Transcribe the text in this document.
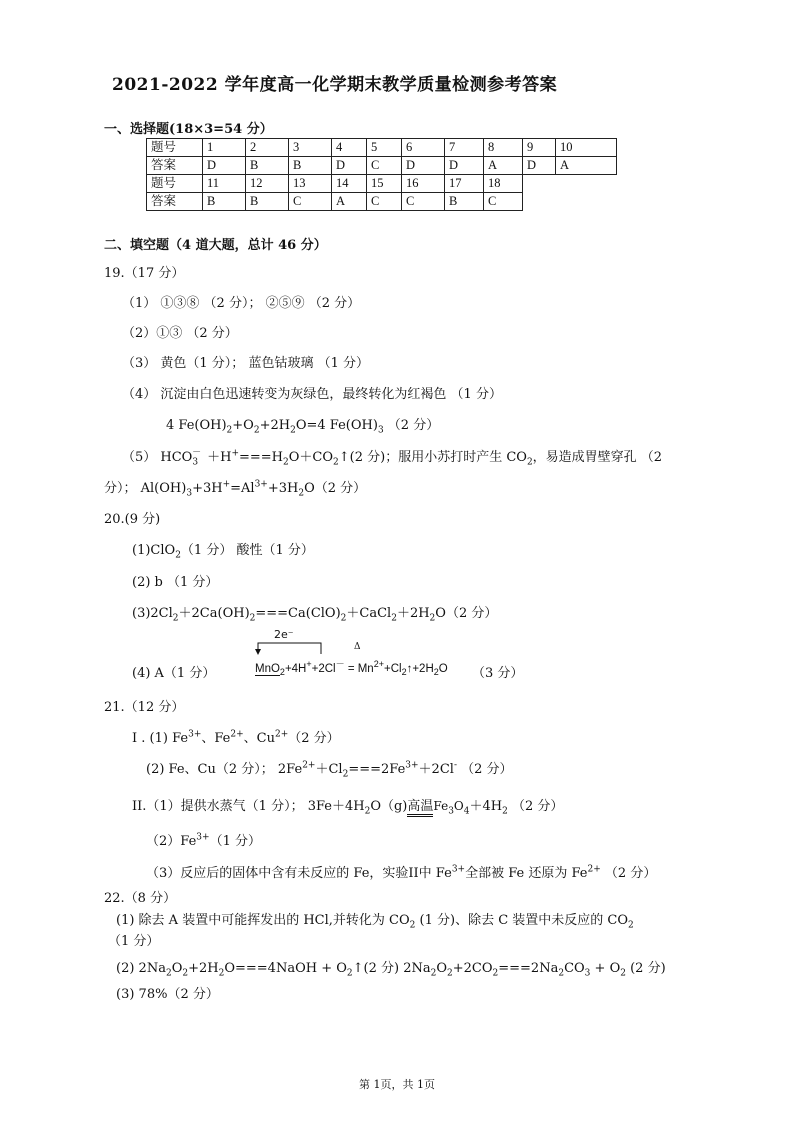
2021-2022 学年度高一化学期末教学质量检测参考答案
一、选择题(18×3=54 分）
题号	1	2	3	4	5	6	7	8	9	10
答案	D	B	B	D	C	D	D	A	D	A
题号	11	12	13	14	15	16	17	18		
答案	B	B	C	A	C	C	B	C		
二、填空题（4 道大题，总计 46 分）
19.（17 分）
（1） ①③⑧ （2 分）； ②⑤⑨ （2 分）
（2）①③ （2 分）
（3） 黄色（1 分）； 蓝色钴玻璃 （1 分）
（4） 沉淀由白色迅速转变为灰绿色，最终转化为红褐色 （1 分）
4 $Fe(OH)_2+O_2+2H_2O=4$ $Fe(OH)_3$ （2 分）
（5） $HCO_3^-$ $+H^+===H_2O+CO_2↑(2$ 分)；服用小苏打时产生 $CO_2$，易造成胃壁穿孔 （2
分）； $Al(OH)_3+3H^+=Al^{3+}+3H_2O(2$ 分）
20.(9 分)
(1)ClO$_2$（1 分） 酸性（1 分）
(2) b （1 分）
$(3)2Cl_2+2Ca(OH)_2===Ca(ClO)_2+CaCl_2+2H_2O(2$ 分）
(4) A（1 分）
2e⁻
Δ
$MnO_2+4H^++2Cl^- = Mn^{2+}+Cl_2↑+2H_2O$ （3 分）
21.（12 分）
I . (1) $Fe^{3+}$、$Fe^{2+}$、$Cu^{2+}(2$ 分）
(2) Fe、Cu（2 分）； $2Fe^{2+}+Cl_2===2Fe^{3+}+2Cl^-$ （2 分）
II.（1）提供水蒸气（1 分）； $3Fe+4H_2O(g)$高温$Fe_3O_4+4H_2$ （2 分）
$(2)Fe^{3+}(1$ 分）
（3）反应后的固体中含有未反应的 Fe，实验II中 $Fe^{3+}$全部被 Fe 还原为 $Fe^{2+}$ （2 分）
22.（8 分）
(1) 除去 A 装置中可能挥发出的 HCl,并转化为 $CO_2$ (1 分)、除去 C 装置中未反应的 $CO_2$
（1 分）
(2) $2Na_2O_2+2H_2O===4NaOH$ + $O_2↑(2$ 分) $2Na_2O_2+2CO_2===2Na_2CO_3 + O_2$ (2 分)
(3) 78%（2 分）
第 1页，共 1页
